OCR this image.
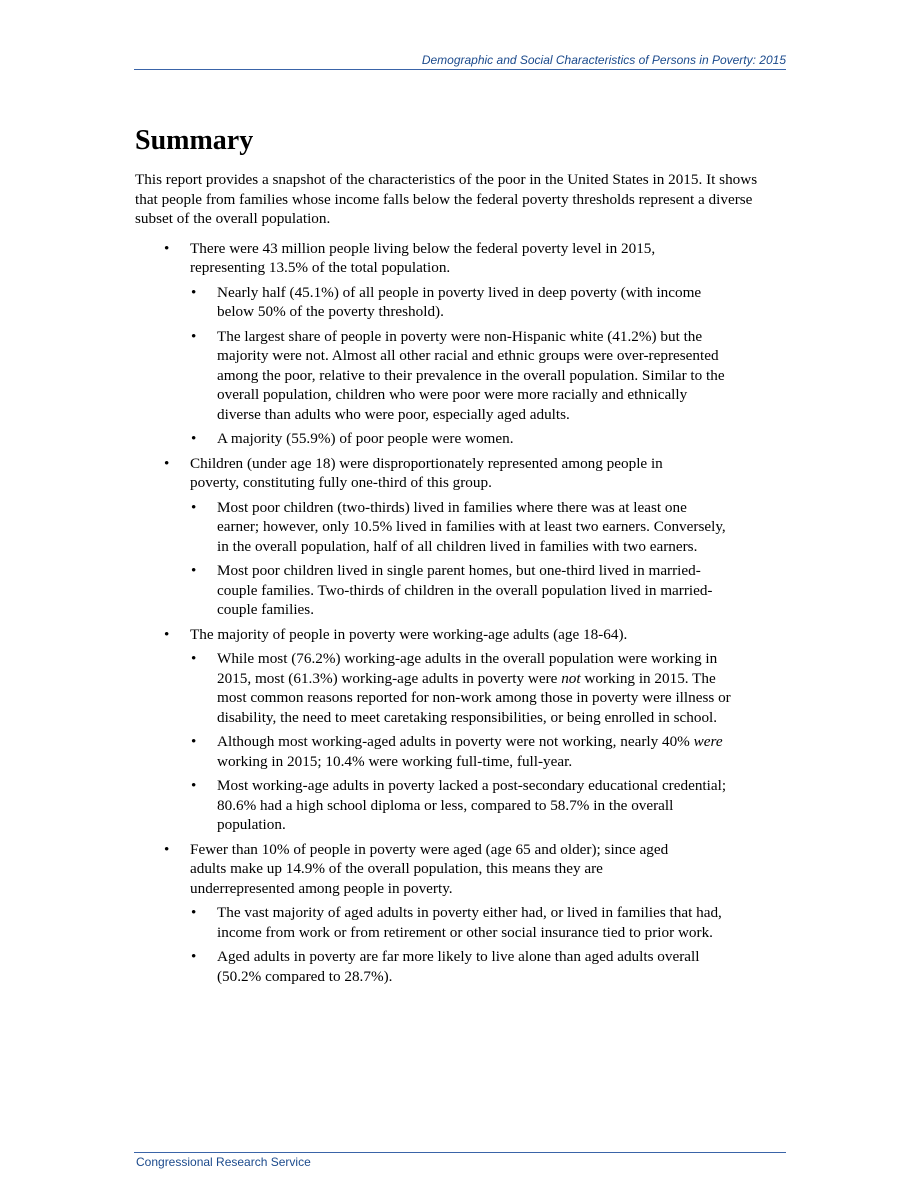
Demographic and Social Characteristics of Persons in Poverty: 2015
Summary

This report provides a snapshot of the characteristics of the poor in the United States in 2015. It shows that people from families whose income falls below the federal poverty thresholds represent a diverse subset of the overall population.

• There were 43 million people living below the federal poverty level in 2015, representing 13.5% of the total population.
• Nearly half (45.1%) of all people in poverty lived in deep poverty (with income below 50% of the poverty threshold).
• The largest share of people in poverty were non-Hispanic white (41.2%) but the majority were not. Almost all other racial and ethnic groups were over-represented among the poor, relative to their prevalence in the overall population. Similar to the overall population, children who were poor were more racially and ethnically diverse than adults who were poor, especially aged adults.
• A majority (55.9%) of poor people were women.
• Children (under age 18) were disproportionately represented among people in poverty, constituting fully one-third of this group.
• Most poor children (two-thirds) lived in families where there was at least one earner; however, only 10.5% lived in families with at least two earners. Conversely, in the overall population, half of all children lived in families with two earners.
• Most poor children lived in single parent homes, but one-third lived in married-couple families. Two-thirds of children in the overall population lived in married-couple families.
• The majority of people in poverty were working-age adults (age 18-64).
• While most (76.2%) working-age adults in the overall population were working in 2015, most (61.3%) working-age adults in poverty were not working in 2015. The most common reasons reported for non-work among those in poverty were illness or disability, the need to meet caretaking responsibilities, or being enrolled in school.
• Although most working-aged adults in poverty were not working, nearly 40% were working in 2015; 10.4% were working full-time, full-year.
• Most working-age adults in poverty lacked a post-secondary educational credential; 80.6% had a high school diploma or less, compared to 58.7% in the overall population.
• Fewer than 10% of people in poverty were aged (age 65 and older); since aged adults make up 14.9% of the overall population, this means they are underrepresented among people in poverty.
• The vast majority of aged adults in poverty either had, or lived in families that had, income from work or from retirement or other social insurance tied to prior work.
• Aged adults in poverty are far more likely to live alone than aged adults overall (50.2% compared to 28.7%).
Congressional Research Service
